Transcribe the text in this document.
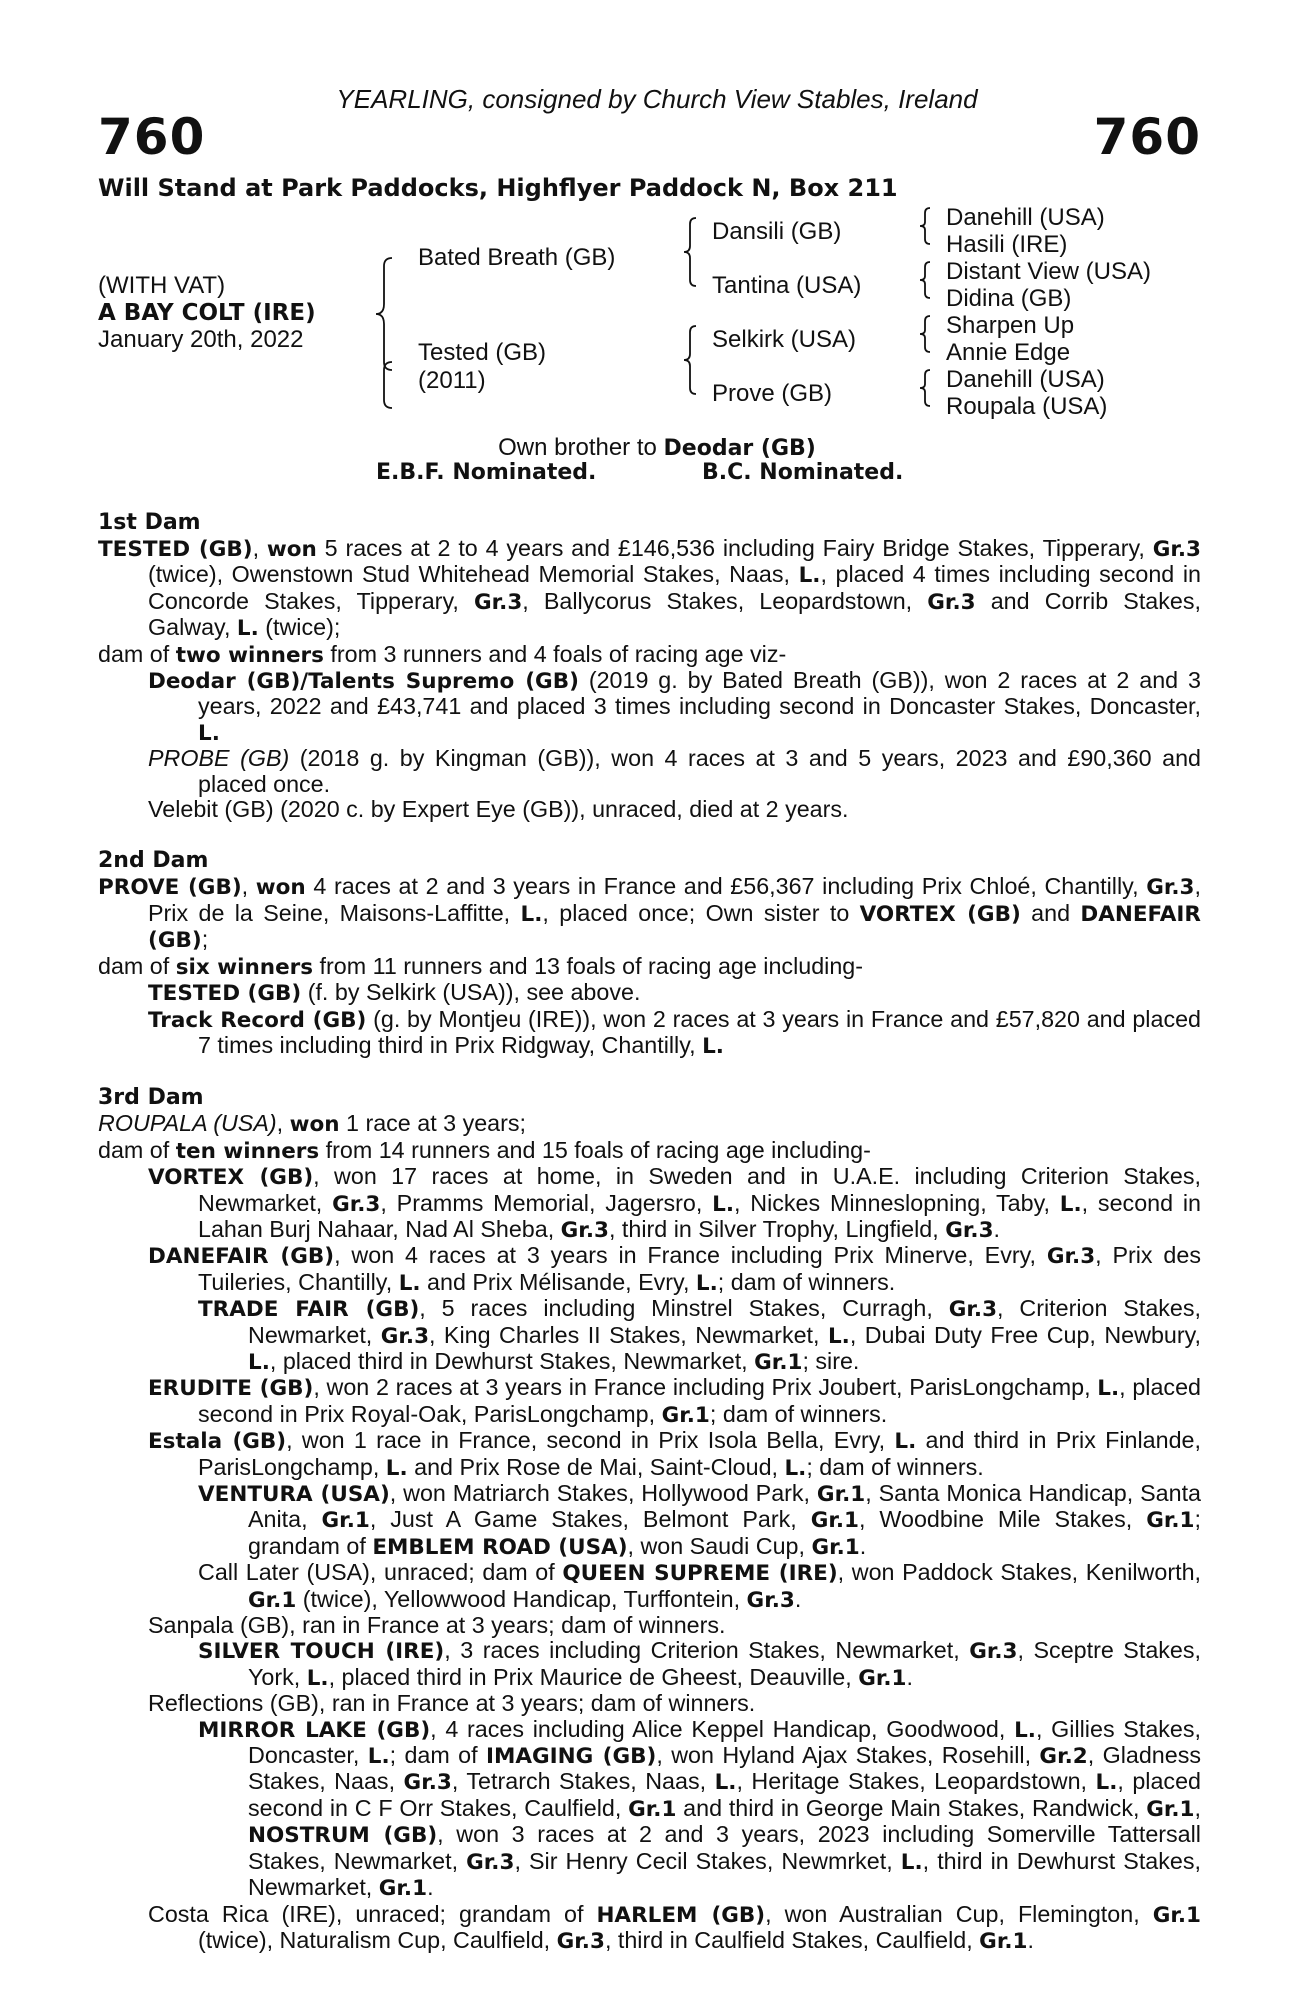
YEARLING, consigned by Church View Stables, Ireland
760	760
Will Stand at Park Paddocks, Highflyer Paddock N, Box 211
(WITH VAT)
A BAY COLT (IRE)
January 20th, 2022
Bated Breath (GB)
Tested (GB)
(2011)
Dansili (GB)
Tantina (USA)
Selkirk (USA)
Prove (GB)
Danehill (USA)
Hasili (IRE)
Distant View (USA)
Didina (GB)
Sharpen Up
Annie Edge
Danehill (USA)
Roupala (USA)
Own brother to Deodar (GB)
E.B.F. Nominated.	B.C. Nominated.
1st Dam
TESTED (GB), won 5 races at 2 to 4 years and £146,536 including Fairy Bridge Stakes, Tipperary, Gr.3 (twice), Owenstown Stud Whitehead Memorial Stakes, Naas, L., placed 4 times including second in Concorde Stakes, Tipperary, Gr.3, Ballycorus Stakes, Leopardstown, Gr.3 and Corrib Stakes, Galway, L. (twice);
dam of two winners from 3 runners and 4 foals of racing age viz-
Deodar (GB)/Talents Supremo (GB) (2019 g. by Bated Breath (GB)), won 2 races at 2 and 3 years, 2022 and £43,741 and placed 3 times including second in Doncaster Stakes, Doncaster, L.
PROBE (GB) (2018 g. by Kingman (GB)), won 4 races at 3 and 5 years, 2023 and £90,360 and placed once.
Velebit (GB) (2020 c. by Expert Eye (GB)), unraced, died at 2 years.
2nd Dam
PROVE (GB), won 4 races at 2 and 3 years in France and £56,367 including Prix Chloé, Chantilly, Gr.3, Prix de la Seine, Maisons-Laffitte, L., placed once; Own sister to VORTEX (GB) and DANEFAIR (GB);
dam of six winners from 11 runners and 13 foals of racing age including-
TESTED (GB) (f. by Selkirk (USA)), see above.
Track Record (GB) (g. by Montjeu (IRE)), won 2 races at 3 years in France and £57,820 and placed 7 times including third in Prix Ridgway, Chantilly, L.
3rd Dam
ROUPALA (USA), won 1 race at 3 years;
dam of ten winners from 14 runners and 15 foals of racing age including-
VORTEX (GB), won 17 races at home, in Sweden and in U.A.E. including Criterion Stakes, Newmarket, Gr.3, Pramms Memorial, Jagersro, L., Nickes Minneslopning, Taby, L., second in Lahan Burj Nahaar, Nad Al Sheba, Gr.3, third in Silver Trophy, Lingfield, Gr.3.
DANEFAIR (GB), won 4 races at 3 years in France including Prix Minerve, Evry, Gr.3, Prix des Tuileries, Chantilly, L. and Prix Mélisande, Evry, L.; dam of winners.
TRADE FAIR (GB), 5 races including Minstrel Stakes, Curragh, Gr.3, Criterion Stakes, Newmarket, Gr.3, King Charles II Stakes, Newmarket, L., Dubai Duty Free Cup, Newbury, L., placed third in Dewhurst Stakes, Newmarket, Gr.1; sire.
ERUDITE (GB), won 2 races at 3 years in France including Prix Joubert, ParisLongchamp, L., placed second in Prix Royal-Oak, ParisLongchamp, Gr.1; dam of winners.
Estala (GB), won 1 race in France, second in Prix Isola Bella, Evry, L. and third in Prix Finlande, ParisLongchamp, L. and Prix Rose de Mai, Saint-Cloud, L.; dam of winners.
VENTURA (USA), won Matriarch Stakes, Hollywood Park, Gr.1, Santa Monica Handicap, Santa Anita, Gr.1, Just A Game Stakes, Belmont Park, Gr.1, Woodbine Mile Stakes, Gr.1; grandam of EMBLEM ROAD (USA), won Saudi Cup, Gr.1.
Call Later (USA), unraced; dam of QUEEN SUPREME (IRE), won Paddock Stakes, Kenilworth, Gr.1 (twice), Yellowwood Handicap, Turffontein, Gr.3.
Sanpala (GB), ran in France at 3 years; dam of winners.
SILVER TOUCH (IRE), 3 races including Criterion Stakes, Newmarket, Gr.3, Sceptre Stakes, York, L., placed third in Prix Maurice de Gheest, Deauville, Gr.1.
Reflections (GB), ran in France at 3 years; dam of winners.
MIRROR LAKE (GB), 4 races including Alice Keppel Handicap, Goodwood, L., Gillies Stakes, Doncaster, L.; dam of IMAGING (GB), won Hyland Ajax Stakes, Rosehill, Gr.2, Gladness Stakes, Naas, Gr.3, Tetrarch Stakes, Naas, L., Heritage Stakes, Leopardstown, L., placed second in C F Orr Stakes, Caulfield, Gr.1 and third in George Main Stakes, Randwick, Gr.1, NOSTRUM (GB), won 3 races at 2 and 3 years, 2023 including Somerville Tattersall Stakes, Newmarket, Gr.3, Sir Henry Cecil Stakes, Newmrket, L., third in Dewhurst Stakes, Newmarket, Gr.1.
Costa Rica (IRE), unraced; grandam of HARLEM (GB), won Australian Cup, Flemington, Gr.1 (twice), Naturalism Cup, Caulfield, Gr.3, third in Caulfield Stakes, Caulfield, Gr.1.
